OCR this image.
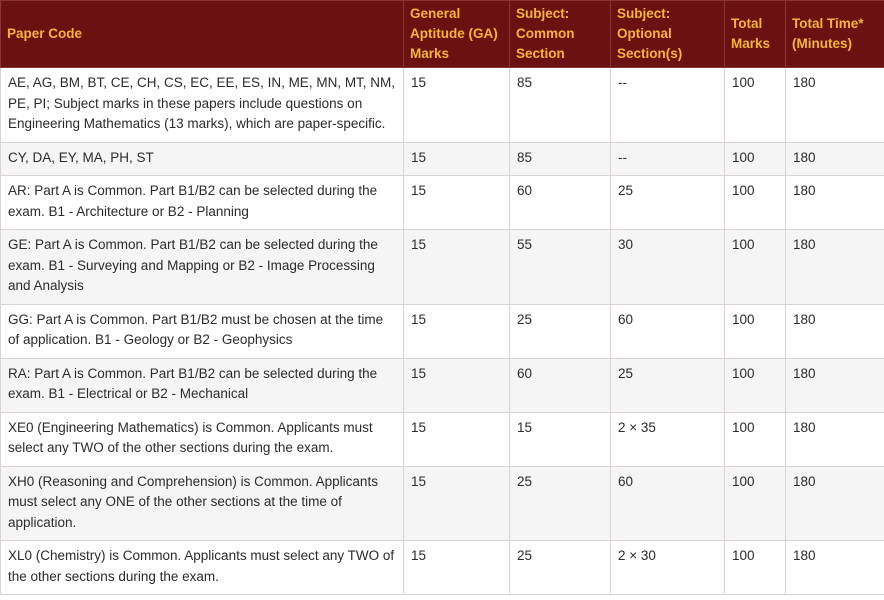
Paper Code	General Aptitude (GA) Marks	Subject: Common Section	Subject: Optional Section(s)	Total Marks	Total Time* (Minutes)
AE, AG, BM, BT, CE, CH, CS, EC, EE, ES, IN, ME, MN, MT, NM, PE, PI; Subject marks in these papers include questions on Engineering Mathematics (13 marks), which are paper-specific.	15	85	--	100	180
CY, DA, EY, MA, PH, ST	15	85	--	100	180
AR: Part A is Common. Part B1/B2 can be selected during the exam. B1 - Architecture or B2 - Planning	15	60	25	100	180
GE: Part A is Common. Part B1/B2 can be selected during the exam. B1 - Surveying and Mapping or B2 - Image Processing and Analysis	15	55	30	100	180
GG: Part A is Common. Part B1/B2 must be chosen at the time of application. B1 - Geology or B2 - Geophysics	15	25	60	100	180
RA: Part A is Common. Part B1/B2 can be selected during the exam. B1 - Electrical or B2 - Mechanical	15	60	25	100	180
XE0 (Engineering Mathematics) is Common. Applicants must select any TWO of the other sections during the exam.	15	15	2 × 35	100	180
XH0 (Reasoning and Comprehension) is Common. Applicants must select any ONE of the other sections at the time of application.	15	25	60	100	180
XL0 (Chemistry) is Common. Applicants must select any TWO of the other sections during the exam.	15	25	2 × 30	100	180
